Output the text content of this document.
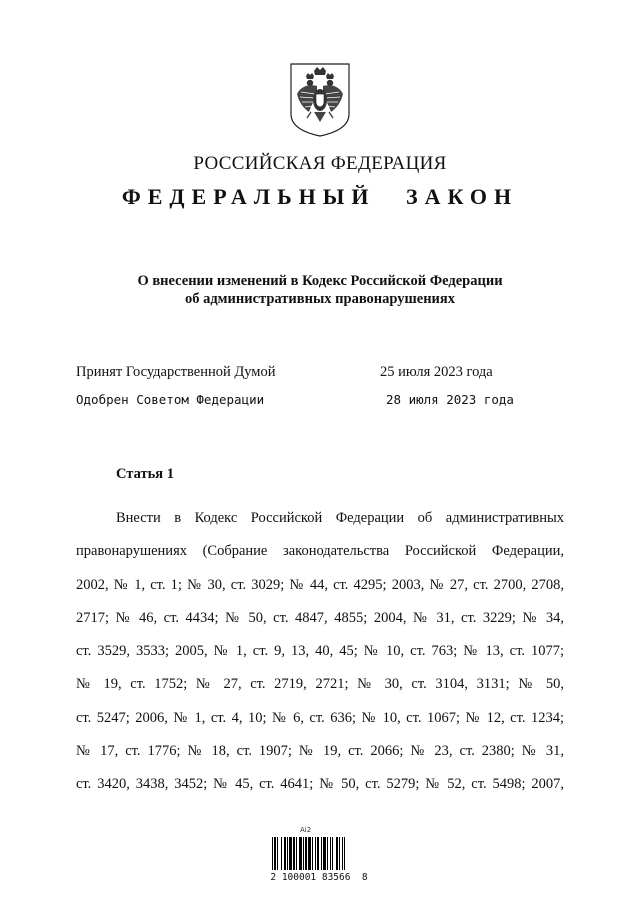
РОССИЙСКАЯ ФЕДЕРАЦИЯ
ФЕДЕРАЛЬНЫЙ ЗАКОН
О внесении изменений в Кодекс Российской Федерации
об административных правонарушениях
Принят Государственной Думой	25 июля 2023 года
Одобрен Советом Федерации	28 июля 2023 года
Статья 1
Внести в Кодекс Российской Федерации об административных
правонарушениях (Собрание законодательства Российской Федерации,
2002, № 1, ст. 1; № 30, ст. 3029; № 44, ст. 4295; 2003, № 27, ст. 2700, 2708,
2717; № 46, ст. 4434; № 50, ст. 4847, 4855; 2004, № 31, ст. 3229; № 34,
ст. 3529, 3533; 2005, № 1, ст. 9, 13, 40, 45; № 10, ст. 763; № 13, ст. 1077;
№ 19, ст. 1752; № 27, ст. 2719, 2721; № 30, ст. 3104, 3131; № 50,
ст. 5247; 2006, № 1, ст. 4, 10; № 6, ст. 636; № 10, ст. 1067; № 12, ст. 1234;
№ 17, ст. 1776; № 18, ст. 1907; № 19, ст. 2066; № 23, ст. 2380; № 31,
ст. 3420, 3438, 3452; № 45, ст. 4641; № 50, ст. 5279; № 52, ст. 5498; 2007,
Ai2
2 100001 83566  8
